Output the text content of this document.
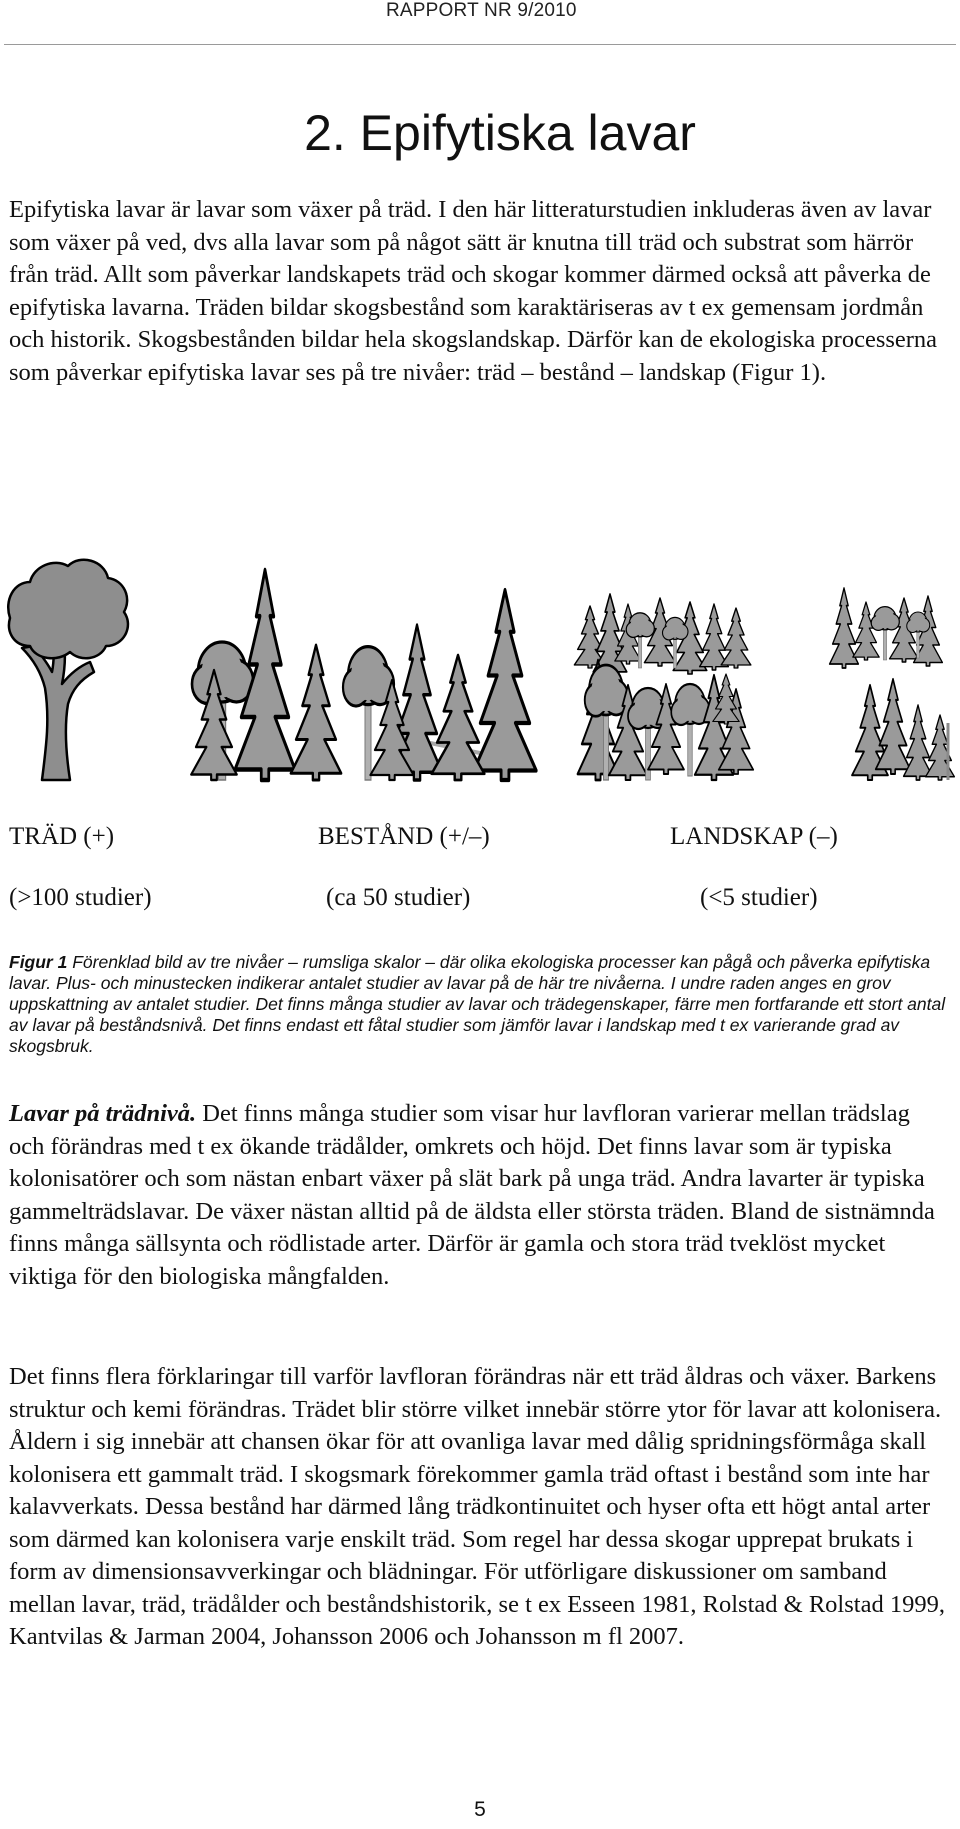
RAPPORT NR 9/2010
2. Epifytiska lavar

Epifytiska lavar är lavar som växer på träd. I den här litteraturstudien inkluderas även av lavar som växer på ved, dvs alla lavar som på något sätt är knutna till träd och substrat som härrör från träd. Allt som påverkar landskapets träd och skogar kommer därmed också att påverka de epifytiska lavarna. Träden bildar skogsbestånd som karaktäriseras av t ex gemensam jordmån och historik. Skogsbestånden bildar hela skogslandskap. Därför kan de ekologiska processerna som påverkar epifytiska lavar ses på tre nivåer: träd – bestånd – landskap (Figur 1).

TRÄD (+)	BESTÅND (+/–)	LANDSKAP (–)
(>100 studier)	(ca 50 studier)	(<5 studier)

Figur 1 Förenklad bild av tre nivåer – rumsliga skalor – där olika ekologiska processer kan pågå och påverka epifytiska lavar. Plus- och minustecken indikerar antalet studier av lavar på de här tre nivåerna. I undre raden anges en grov uppskattning av antalet studier. Det finns många studier av lavar och trädegenskaper, färre men fortfarande ett stort antal av lavar på beståndsnivå. Det finns endast ett fåtal studier som jämför lavar i landskap med t ex varierande grad av skogsbruk.

Lavar på trädnivå. Det finns många studier som visar hur lavfloran varierar mellan trädslag och förändras med t ex ökande trädålder, omkrets och höjd. Det finns lavar som är typiska kolonisatörer och som nästan enbart växer på slät bark på unga träd. Andra lavarter är typiska gammelträdslavar. De växer nästan alltid på de äldsta eller största träden. Bland de sistnämnda finns många sällsynta och rödlistade arter. Därför är gamla och stora träd tveklöst mycket viktiga för den biologiska mångfalden.

Det finns flera förklaringar till varför lavfloran förändras när ett träd åldras och växer. Barkens struktur och kemi förändras. Trädet blir större vilket innebär större ytor för lavar att kolonisera. Åldern i sig innebär att chansen ökar för att ovanliga lavar med dålig spridningsförmåga skall kolonisera ett gammalt träd. I skogsmark förekommer gamla träd oftast i bestånd som inte har kalavverkats. Dessa bestånd har därmed lång trädkontinuitet och hyser ofta ett högt antal arter som därmed kan kolonisera varje enskilt träd. Som regel har dessa skogar upprepat brukats i form av dimensionsavverkingar och blädningar. För utförligare diskussioner om samband mellan lavar, träd, trädålder och beståndshistorik, se t ex Esseen 1981, Rolstad & Rolstad 1999, Kantvilas & Jarman 2004, Johansson 2006 och Johansson m fl 2007.

5
